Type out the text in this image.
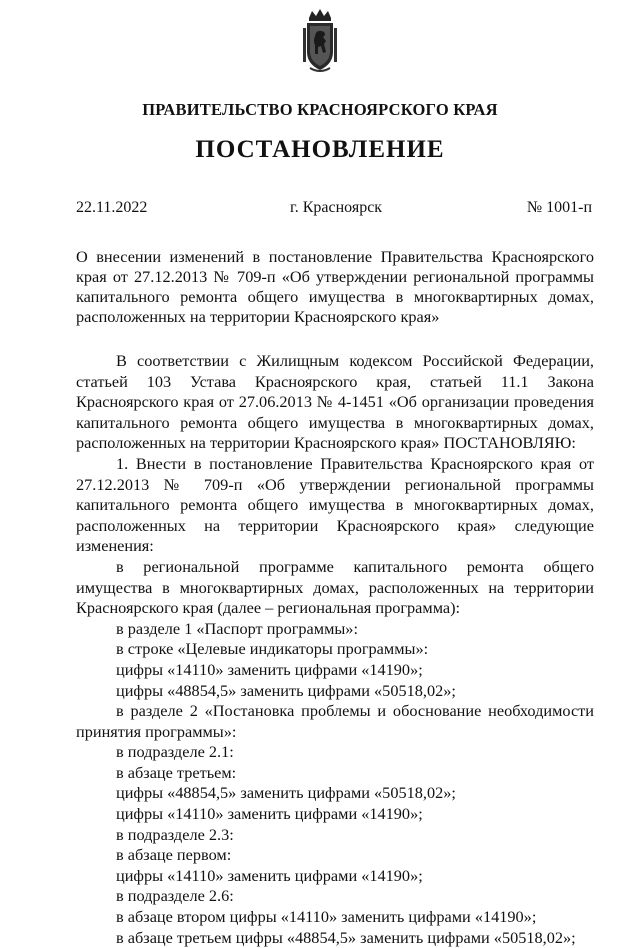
ПРАВИТЕЛЬСТВО КРАСНОЯРСКОГО КРАЯ
ПОСТАНОВЛЕНИЕ
22.11.2022	г. Красноярск	№ 1001-п

О внесении изменений в постановление Правительства Красноярского края от 27.12.2013 № 709-п «Об утверждении региональной программы капитального ремонта общего имущества в многоквартирных домах, расположенных на территории Красноярского края»

В соответствии с Жилищным кодексом Российской Федерации, статьей 103 Устава Красноярского края, статьей 11.1 Закона Красноярского края от 27.06.2013 № 4-1451 «Об организации проведения капитального ремонта общего имущества в многоквартирных домах, расположенных на территории Красноярского края» ПОСТАНОВЛЯЮ:

1. Внести в постановление Правительства Красноярского края от 27.12.2013 № 709-п «Об утверждении региональной программы капитального ремонта общего имущества в многоквартирных домах, расположенных на территории Красноярского края» следующие изменения:

в региональной программе капитального ремонта общего имущества в многоквартирных домах, расположенных на территории Красноярского края (далее – региональная программа):

в разделе 1 «Паспорт программы»:

в строке «Целевые индикаторы программы»:

цифры «14110» заменить цифрами «14190»;

цифры «48854,5» заменить цифрами «50518,02»;

в разделе 2 «Постановка проблемы и обоснование необходимости принятия программы»:

в подразделе 2.1:

в абзаце третьем:

цифры «48854,5» заменить цифрами «50518,02»;

цифры «14110» заменить цифрами «14190»;

в подразделе 2.3:

в абзаце первом:

цифры «14110» заменить цифрами «14190»;

в подразделе 2.6:

в абзаце втором цифры «14110» заменить цифрами «14190»;

в абзаце третьем цифры «48854,5» заменить цифрами «50518,02»;
